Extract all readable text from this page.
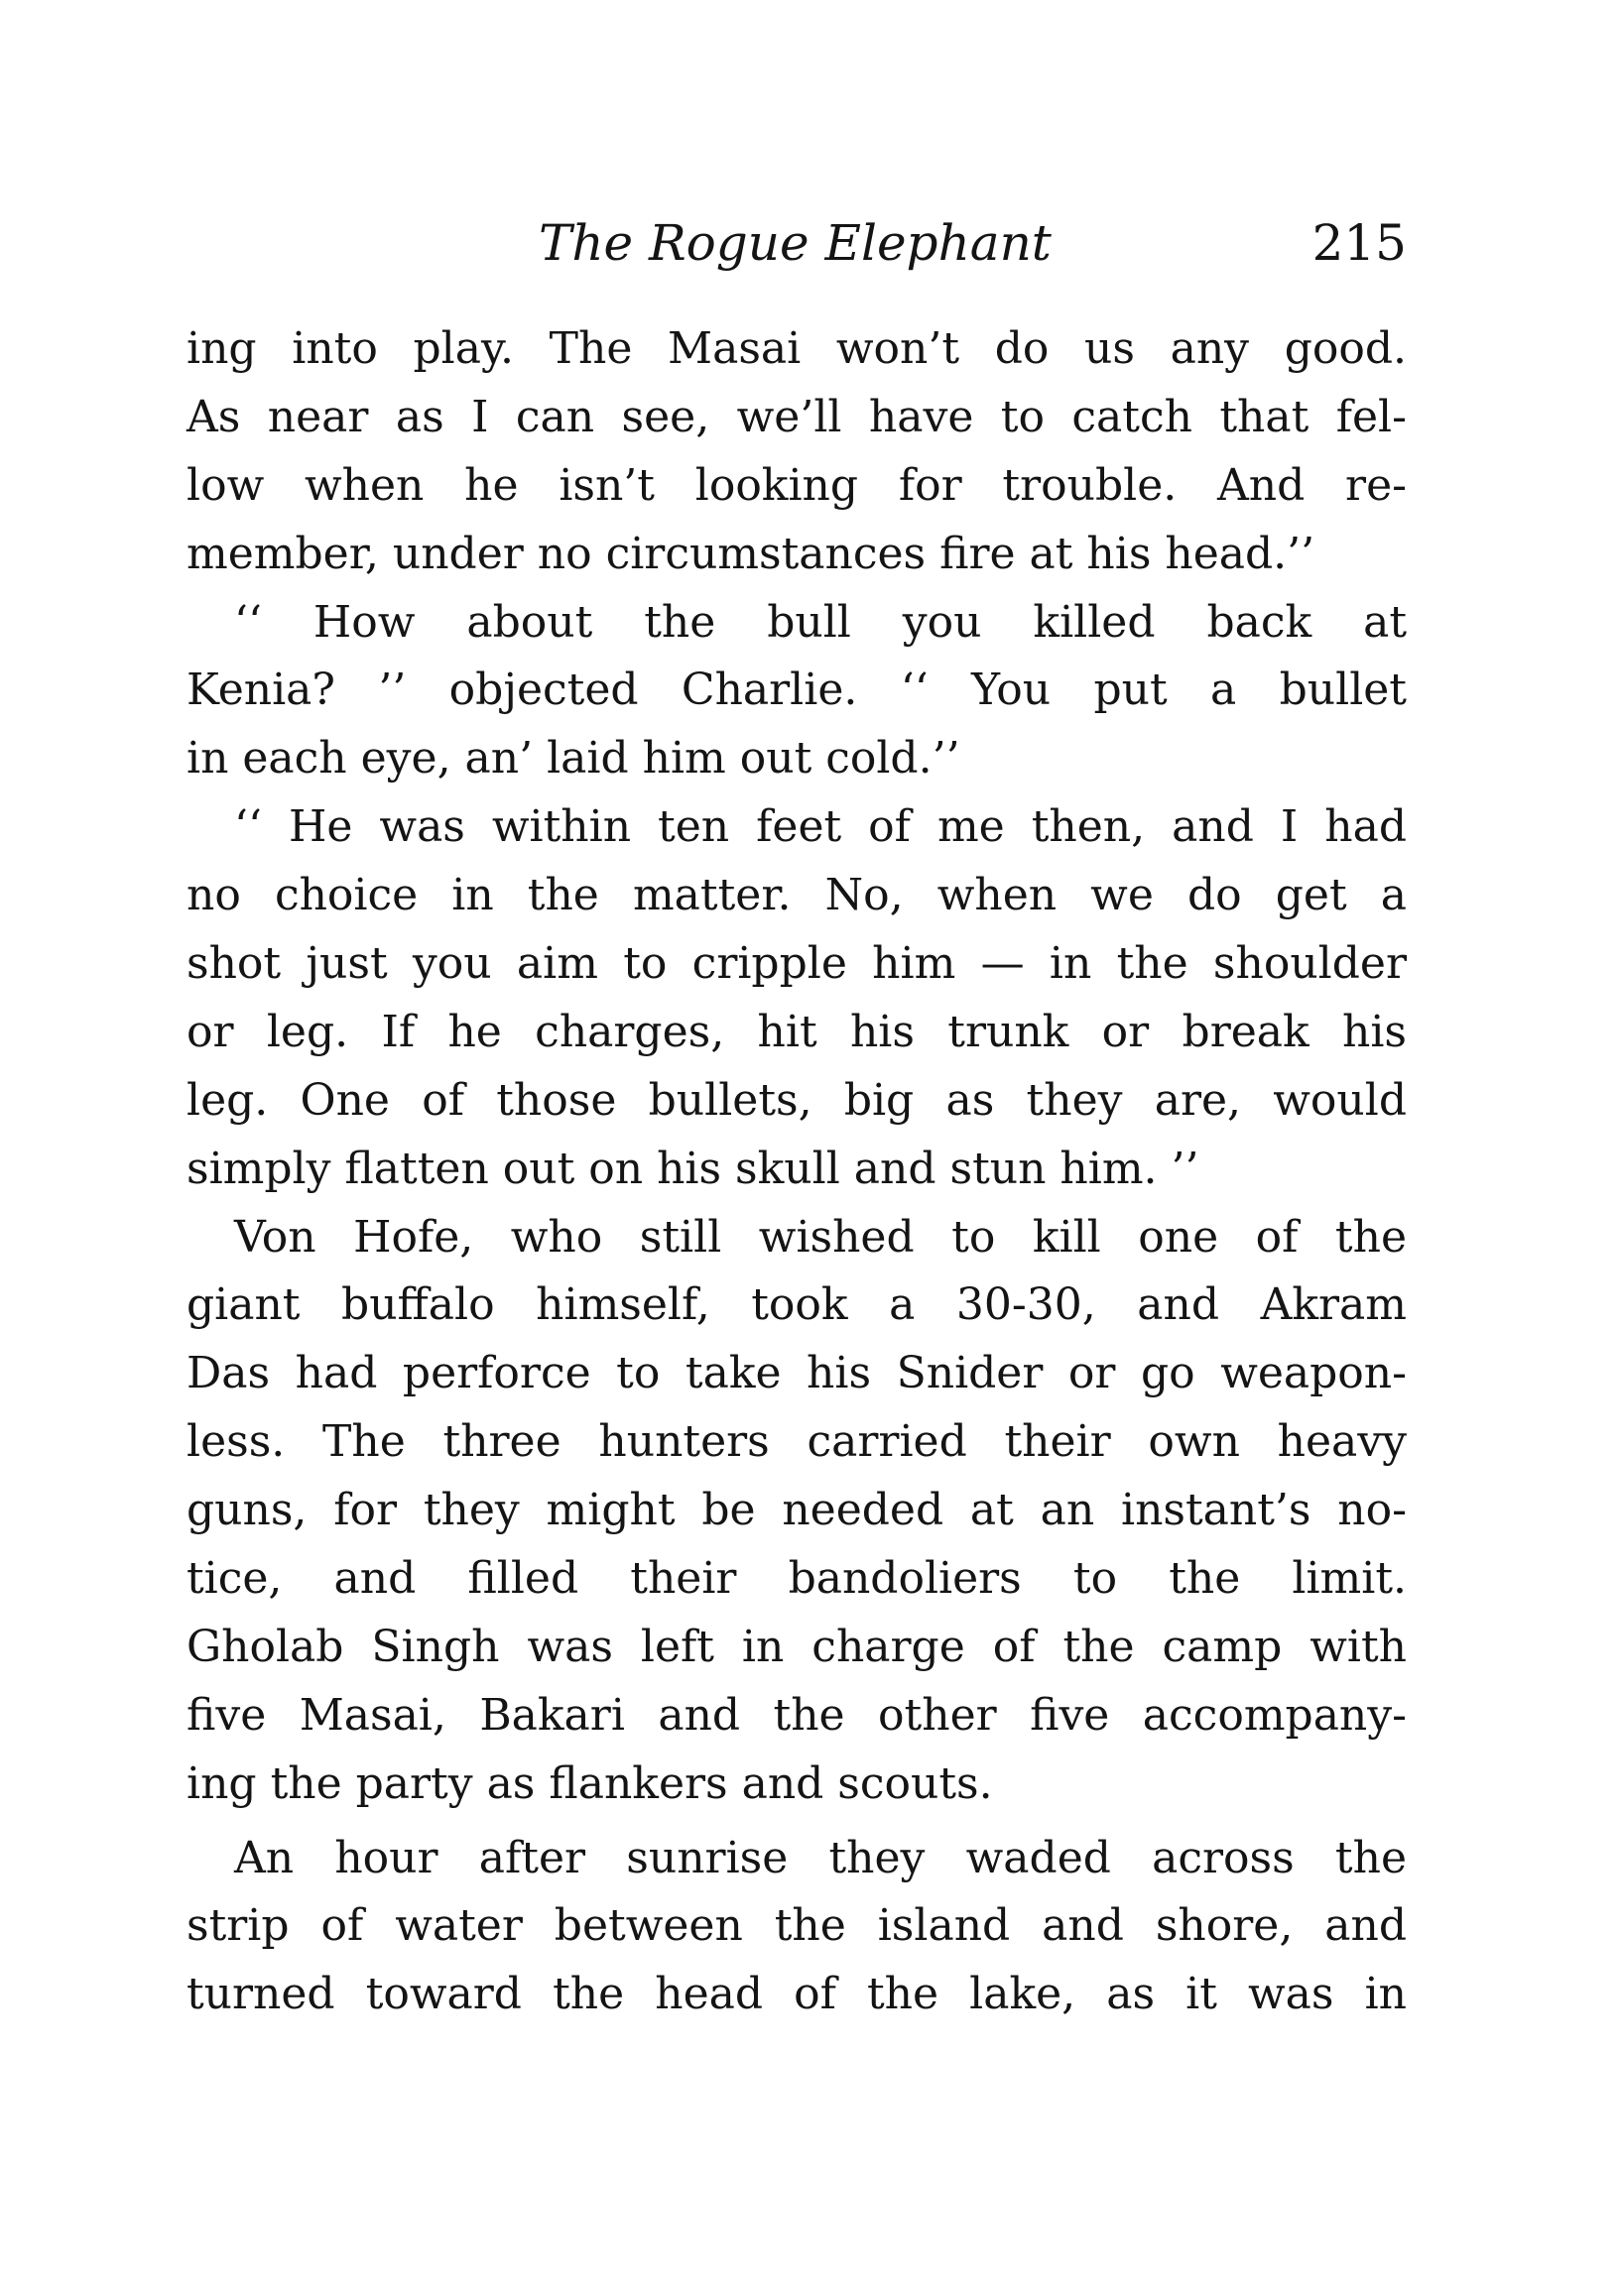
The Rogue Elephant	215
ing into play. The Masai won’t do us any good.
As near as I can see, we’ll have to catch that fel-
low when he isn’t looking for trouble. And re-
member, under no circumstances fire at his head.’’
‘‘ How about the bull you killed back at
Kenia? ’’ objected Charlie. ‘‘ You put a bullet
in each eye, an’ laid him out cold.’’
‘‘ He was within ten feet of me then, and I had
no choice in the matter. No, when we do get a
shot just you aim to cripple him — in the shoulder
or leg. If he charges, hit his trunk or break his
leg. One of those bullets, big as they are, would
simply flatten out on his skull and stun him. ’’
Von Hofe, who still wished to kill one of the
giant buffalo himself, took a 30-30, and Akram
Das had perforce to take his Snider or go weapon-
less. The three hunters carried their own heavy
guns, for they might be needed at an instant’s no-
tice, and filled their bandoliers to the limit.
Gholab Singh was left in charge of the camp with
five Masai, Bakari and the other five accompany-
ing the party as flankers and scouts.
An hour after sunrise they waded across the
strip of water between the island and shore, and
turned toward the head of the lake, as it was in
